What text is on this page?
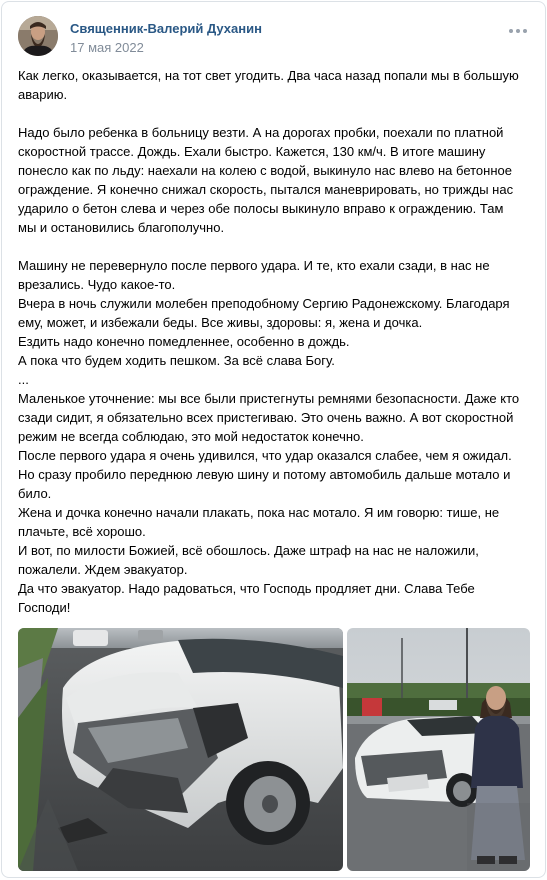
Священник-Валерий Духанин
17 мая 2022

Как легко, оказывается, на тот свет угодить. Два часа назад попали мы в большую аварию.

Надо было ребенка в больницу везти. А на дорогах пробки, поехали по платной скоростной трассе. Дождь. Ехали быстро. Кажется, 130 км/ч. В итоге машину понесло как по льду: наехали на колею с водой, выкинуло нас влево на бетонное ограждение. Я конечно снижал скорость, пытался маневрировать, но трижды нас ударило о бетон слева и через обе полосы выкинуло вправо к ограждению. Там мы и остановились благополучно.

Машину не перевернуло после первого удара. И те, кто ехали сзади, в нас не врезались. Чудо какое-то.

Вчера в ночь служили молебен преподобному Сергию Радонежскому. Благодаря ему, может, и избежали беды. Все живы, здоровы: я, жена и дочка.

Ездить надо конечно помедленнее, особенно в дождь.

А пока что будем ходить пешком. За всё слава Богу.

...

Маленькое уточнение: мы все были пристегнуты ремнями безопасности. Даже кто сзади сидит, я обязательно всех пристегиваю. Это очень важно. А вот скоростной режим не всегда соблюдаю, это мой недостаток конечно.

После первого удара я очень удивился, что удар оказался слабее, чем я ожидал. Но сразу пробило переднюю левую шину и потому автомобиль дальше мотало и било.

Жена и дочка конечно начали плакать, пока нас мотало. Я им говорю: тише, не плачьте, всё хорошо.

И вот, по милости Божией, всё обошлось. Даже штраф на нас не наложили, пожалели. Ждем эвакуатор.

Да что эвакуатор. Надо радоваться, что Господь продляет дни. Слава Тебе Господи!
